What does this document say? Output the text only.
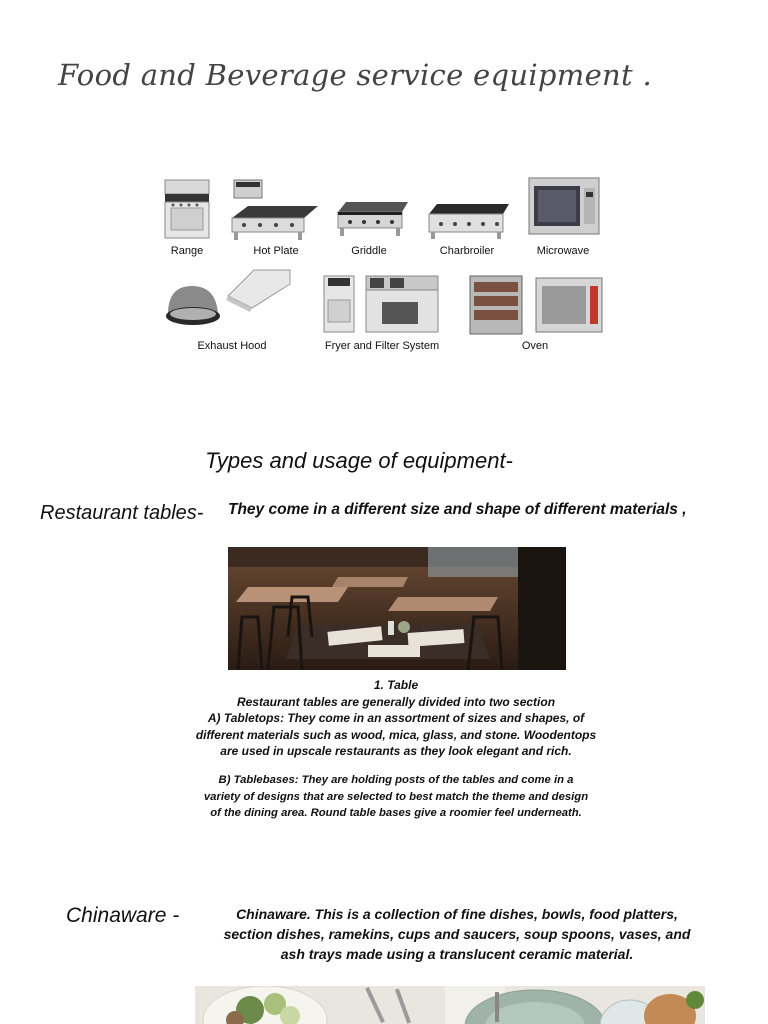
Food and Beverage service equipment .
Range	Hot Plate	Griddle	Charbroiler	Microwave
Exhaust Hood	Fryer and Filter System	Oven
Types and usage of equipment-
Restaurant tables- They come in a different size and shape of different materials ,
1. Table
Restaurant tables are generally divided into two section
A) Tabletops: They come in an assortment of sizes and shapes, of
different materials such as wood, mica, glass, and stone. Woodentops
are used in upscale restaurants as they look elegant and rich.
B) Tablebases: They are holding posts of the tables and come in a
variety of designs that are selected to best match the theme and design
of the dining area. Round table bases give a roomier feel underneath.
Chinaware -	Chinaware. This is a collection of fine dishes, bowls, food platters,
section dishes, ramekins, cups and saucers, soup spoons, vases, and
ash trays made using a translucent ceramic material.
